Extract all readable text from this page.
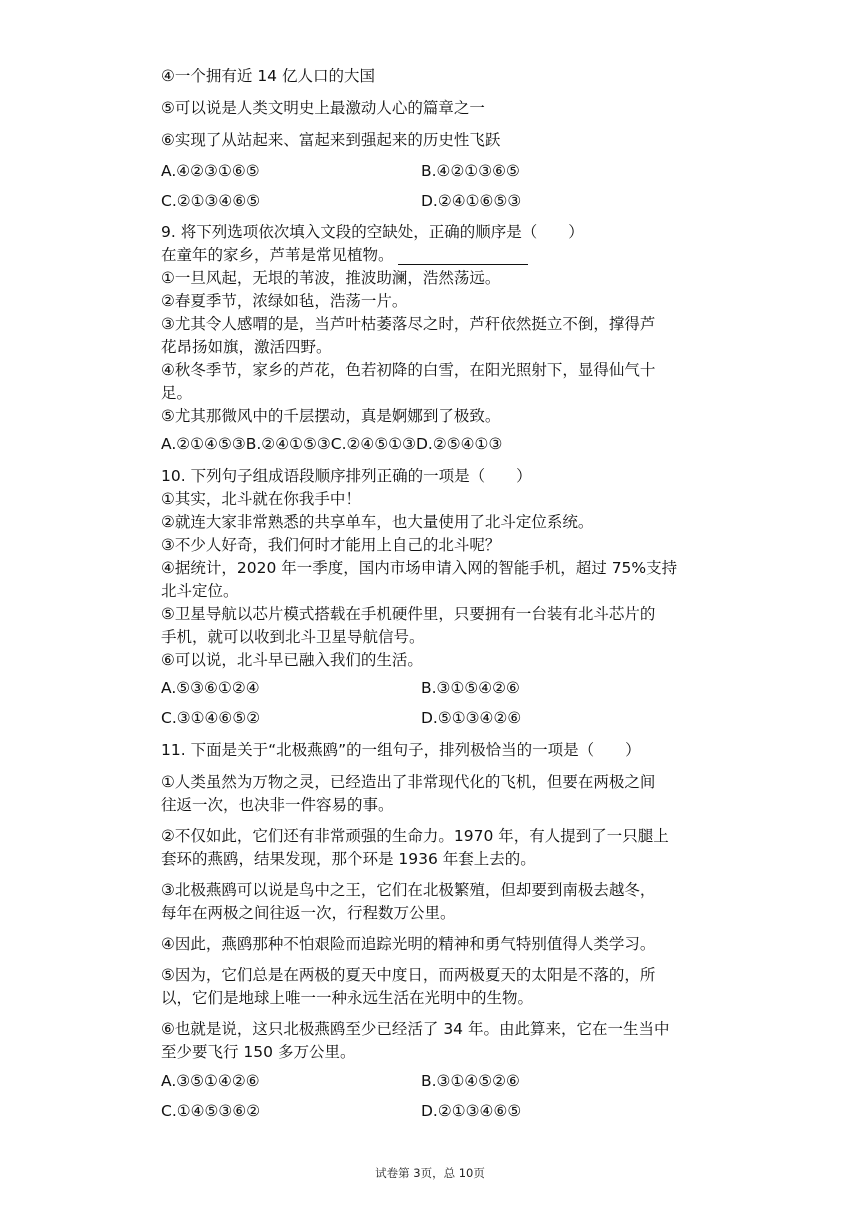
④一个拥有近 14 亿人口的大国
⑤可以说是人类文明史上最激动人心的篇章之一
⑥实现了从站起来、富起来到强起来的历史性飞跃
A.④②③①⑥⑤	B.④②①③⑥⑤
C.②①③④⑥⑤	D.②④①⑥⑤③
9. 将下列选项依次填入文段的空缺处，正确的顺序是（　　）
在童年的家乡，芦苇是常见植物。
①一旦风起，无垠的苇波，推波助澜，浩然荡远。
②春夏季节，浓绿如毡，浩荡一片。
③尤其令人感喟的是，当芦叶枯萎落尽之时，芦秆依然挺立不倒，撑得芦
花昂扬如旗，激活四野。
④秋冬季节，家乡的芦花，色若初降的白雪，在阳光照射下，显得仙气十
足。
⑤尤其那微风中的千层摆动，真是婀娜到了极致。
A.②①④⑤③B.②④①⑤③C.②④⑤①③D.②⑤④①③
10. 下列句子组成语段顺序排列正确的一项是（　　）
①其实，北斗就在你我手中！
②就连大家非常熟悉的共享单车，也大量使用了北斗定位系统。
③不少人好奇，我们何时才能用上自己的北斗呢？
④据统计，2020 年一季度，国内市场申请入网的智能手机，超过 75%支持
北斗定位。
⑤卫星导航以芯片模式搭载在手机硬件里，只要拥有一台装有北斗芯片的
手机，就可以收到北斗卫星导航信号。
⑥可以说，北斗早已融入我们的生活。
A.⑤③⑥①②④	B.③①⑤④②⑥
C.③①④⑥⑤②	D.⑤①③④②⑥
11. 下面是关于“北极燕鸥”的一组句子，排列极恰当的一项是（　　）
①人类虽然为万物之灵，已经造出了非常现代化的飞机，但要在两极之间
往返一次，也决非一件容易的事。
②不仅如此，它们还有非常顽强的生命力。1970 年，有人提到了一只腿上
套环的燕鸥，结果发现，那个环是 1936 年套上去的。
③北极燕鸥可以说是鸟中之王，它们在北极繁殖，但却要到南极去越冬，
每年在两极之间往返一次，行程数万公里。
④因此，燕鸥那种不怕艰险而追踪光明的精神和勇气特别值得人类学习。
⑤因为，它们总是在两极的夏天中度日，而两极夏天的太阳是不落的，所
以，它们是地球上唯一一种永远生活在光明中的生物。
⑥也就是说，这只北极燕鸥至少已经活了 34 年。由此算来，它在一生当中
至少要飞行 150 多万公里。
A.③⑤①④②⑥	B.③①④⑤②⑥
C.①④⑤③⑥②	D.②①③④⑥⑤
试卷第 3页，总 10页
